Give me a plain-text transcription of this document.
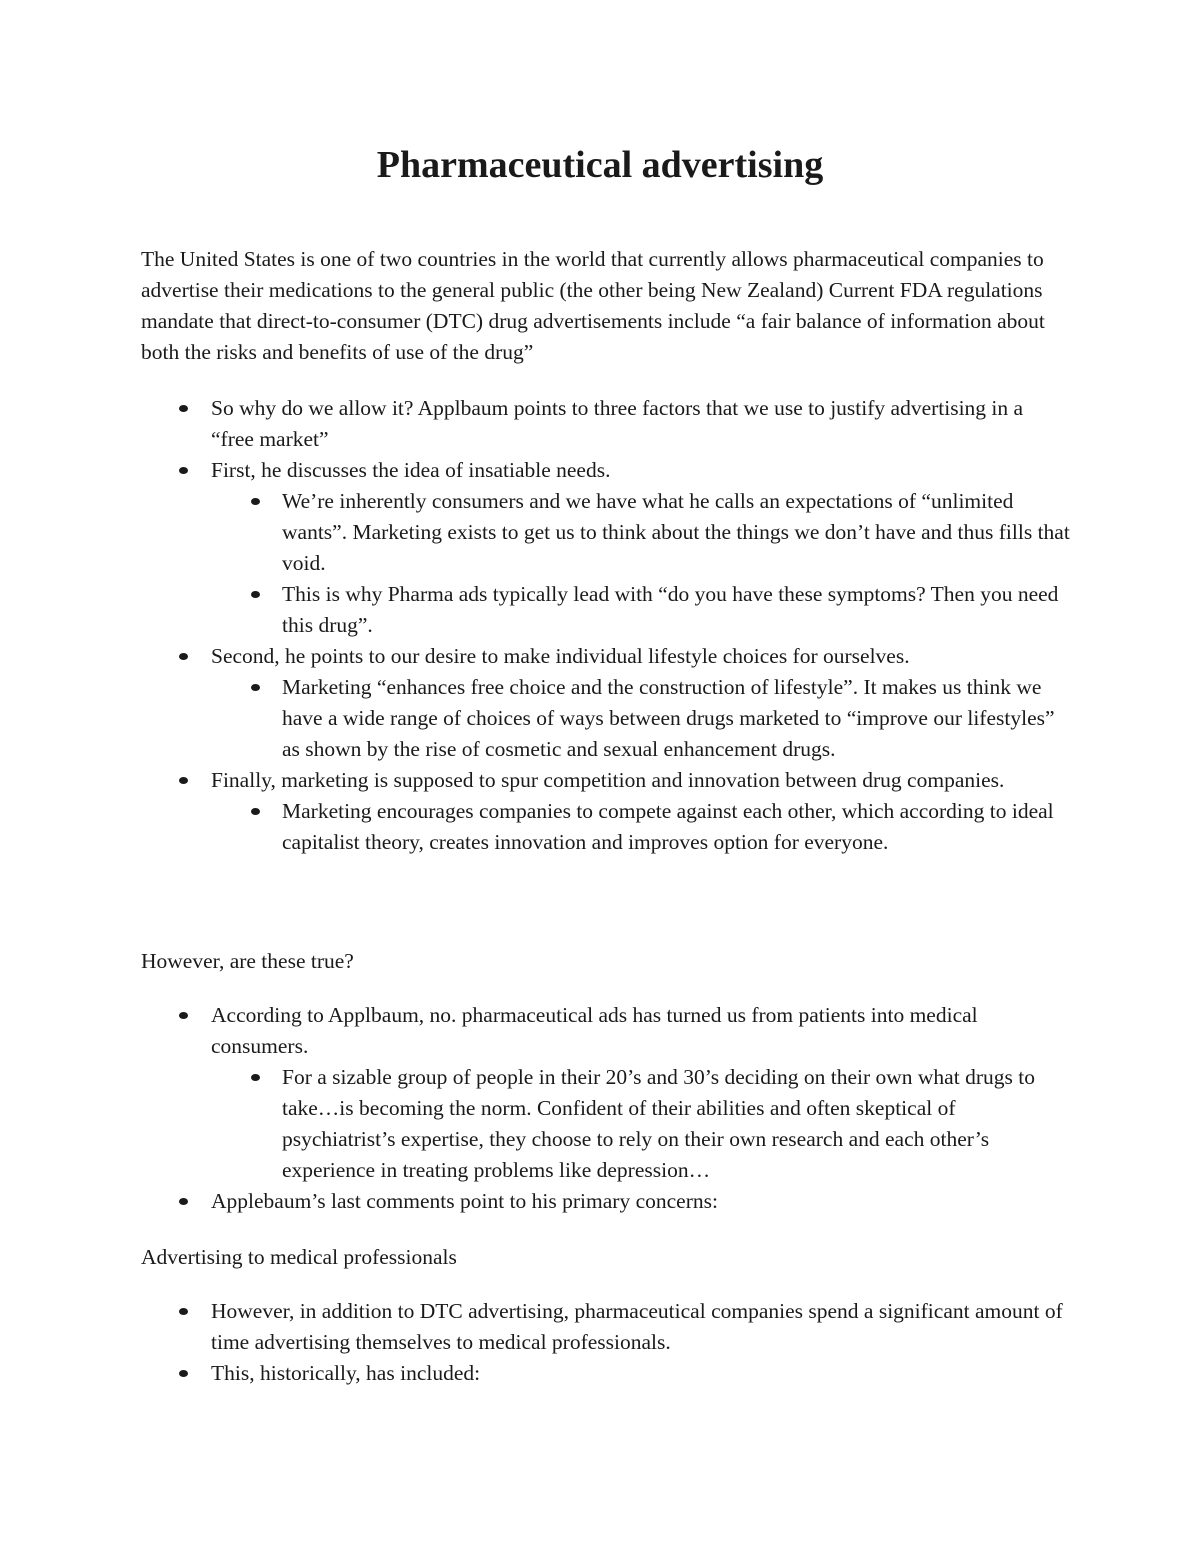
Pharmaceutical advertising

The United States is one of two countries in the world that currently allows pharmaceutical companies to advertise their medications to the general public (the other being New Zealand) Current FDA regulations mandate that direct-to-consumer (DTC) drug advertisements include “a fair balance of information about both the risks and benefits of use of the drug”

So why do we allow it? Applbaum points to three factors that we use to justify advertising in a “free market”
First, he discusses the idea of insatiable needs.
We’re inherently consumers and we have what he calls an expectations of “unlimited wants”. Marketing exists to get us to think about the things we don’t have and thus fills that void.
This is why Pharma ads typically lead with “do you have these symptoms? Then you need this drug”.
Second, he points to our desire to make individual lifestyle choices for ourselves.
Marketing “enhances free choice and the construction of lifestyle”. It makes us think we have a wide range of choices of ways between drugs marketed to “improve our lifestyles” as shown by the rise of cosmetic and sexual enhancement drugs.
Finally, marketing is supposed to spur competition and innovation between drug companies.
Marketing encourages companies to compete against each other, which according to ideal capitalist theory, creates innovation and improves option for everyone.

However, are these true?

According to Applbaum, no. pharmaceutical ads has turned us from patients into medical consumers.
For a sizable group of people in their 20’s and 30’s deciding on their own what drugs to take…is becoming the norm. Confident of their abilities and often skeptical of psychiatrist’s expertise, they choose to rely on their own research and each other’s experience in treating problems like depression…
Applebaum’s last comments point to his primary concerns:

Advertising to medical professionals

However, in addition to DTC advertising, pharmaceutical companies spend a significant amount of time advertising themselves to medical professionals.
This, historically, has included:
